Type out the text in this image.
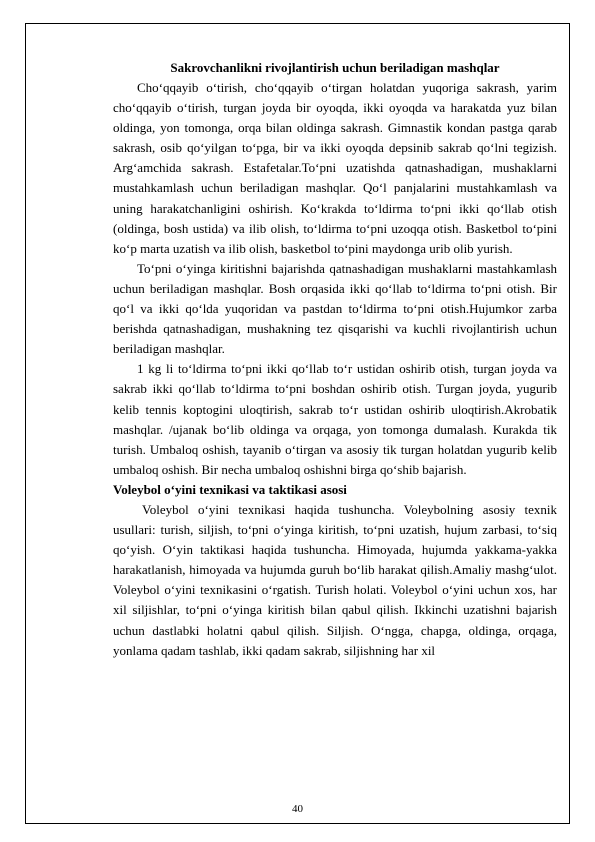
Sakrovchanlikni rivojlantirish uchun beriladigan mashqlar

Cho‘qqayib o‘tirish, cho‘qqayib o‘tirgan holatdan yuqoriga sakrash, yarim cho‘qqayib o‘tirish, turgan joyda bir oyoqda, ikki oyoqda va harakatda yuz bilan oldinga, yon tomonga, orqa bilan oldinga sakrash. Gimnastik kondan pastga qarab sakrash, osib qo‘yilgan to‘pga, bir va ikki oyoqda depsinib sakrab qo‘lni tegizish. Arg‘amchida sakrash. Estafetalar.To‘pni uzatishda qatnashadigan, mushaklarni mustahkamlash uchun beriladigan mashqlar. Qo‘l panjalarini mustahkamlash va uning harakatchanligini oshirish. Ko‘krakda to‘ldirma to‘pni ikki qo‘llab otish (oldinga, bosh ustida) va ilib olish, to‘ldirma to‘pni uzoqqa otish. Basketbol to‘pini ko‘p marta uzatish va ilib olish, basketbol to‘pini maydonga urib olib yurish.

To‘pni o‘yinga kiritishni bajarishda qatnashadigan mushaklarni mastahkamlash uchun beriladigan mashqlar. Bosh orqasida ikki qo‘llab to‘ldirma to‘pni otish. Bir qo‘l va ikki qo‘lda yuqoridan va pastdan to‘ldirma to‘pni otish.Hujumkor zarba berishda qatnashadigan, mushakning tez qisqarishi va kuchli rivojlantirish uchun beriladigan mashqlar.

1 kg li to‘ldirma to‘pni ikki qo‘llab to‘r ustidan oshirib otish, turgan joyda va sakrab ikki qo‘llab to‘ldirma to‘pni boshdan oshirib otish. Turgan joyda, yugurib kelib tennis koptogini uloqtirish, sakrab to‘r ustidan oshirib uloqtirish.Akrobatik mashqlar. /ujanak bo‘lib oldinga va orqaga, yon tomonga dumalash. Kurakda tik turish. Umbaloq oshish, tayanib o‘tirgan va asosiy tik turgan holatdan yugurib kelib umbaloq oshish. Bir necha umbaloq oshishni birga qo‘shib bajarish.

Voleybol o‘yini texnikasi va taktikasi asosi

Voleybol o‘yini texnikasi haqida tushuncha. Voleybolning asosiy texnik usullari: turish, siljish, to‘pni o‘yinga kiritish, to‘pni uzatish, hujum zarbasi, to‘siq qo‘yish. O‘yin taktikasi haqida tushuncha. Himoyada, hujumda yakkama-yakka harakatlanish, himoyada va hujumda guruh bo‘lib harakat qilish.Amaliy mashg‘ulot. Voleybol o‘yini texnikasini o‘rgatish. Turish holati. Voleybol o‘yini uchun xos, har xil siljishlar, to‘pni o‘yinga kiritish bilan qabul qilish. Ikkinchi uzatishni bajarish uchun dastlabki holatni qabul qilish. Siljish. O‘ngga, chapga, oldinga, orqaga, yonlama qadam tashlab, ikki qadam sakrab, siljishning har xil

40
